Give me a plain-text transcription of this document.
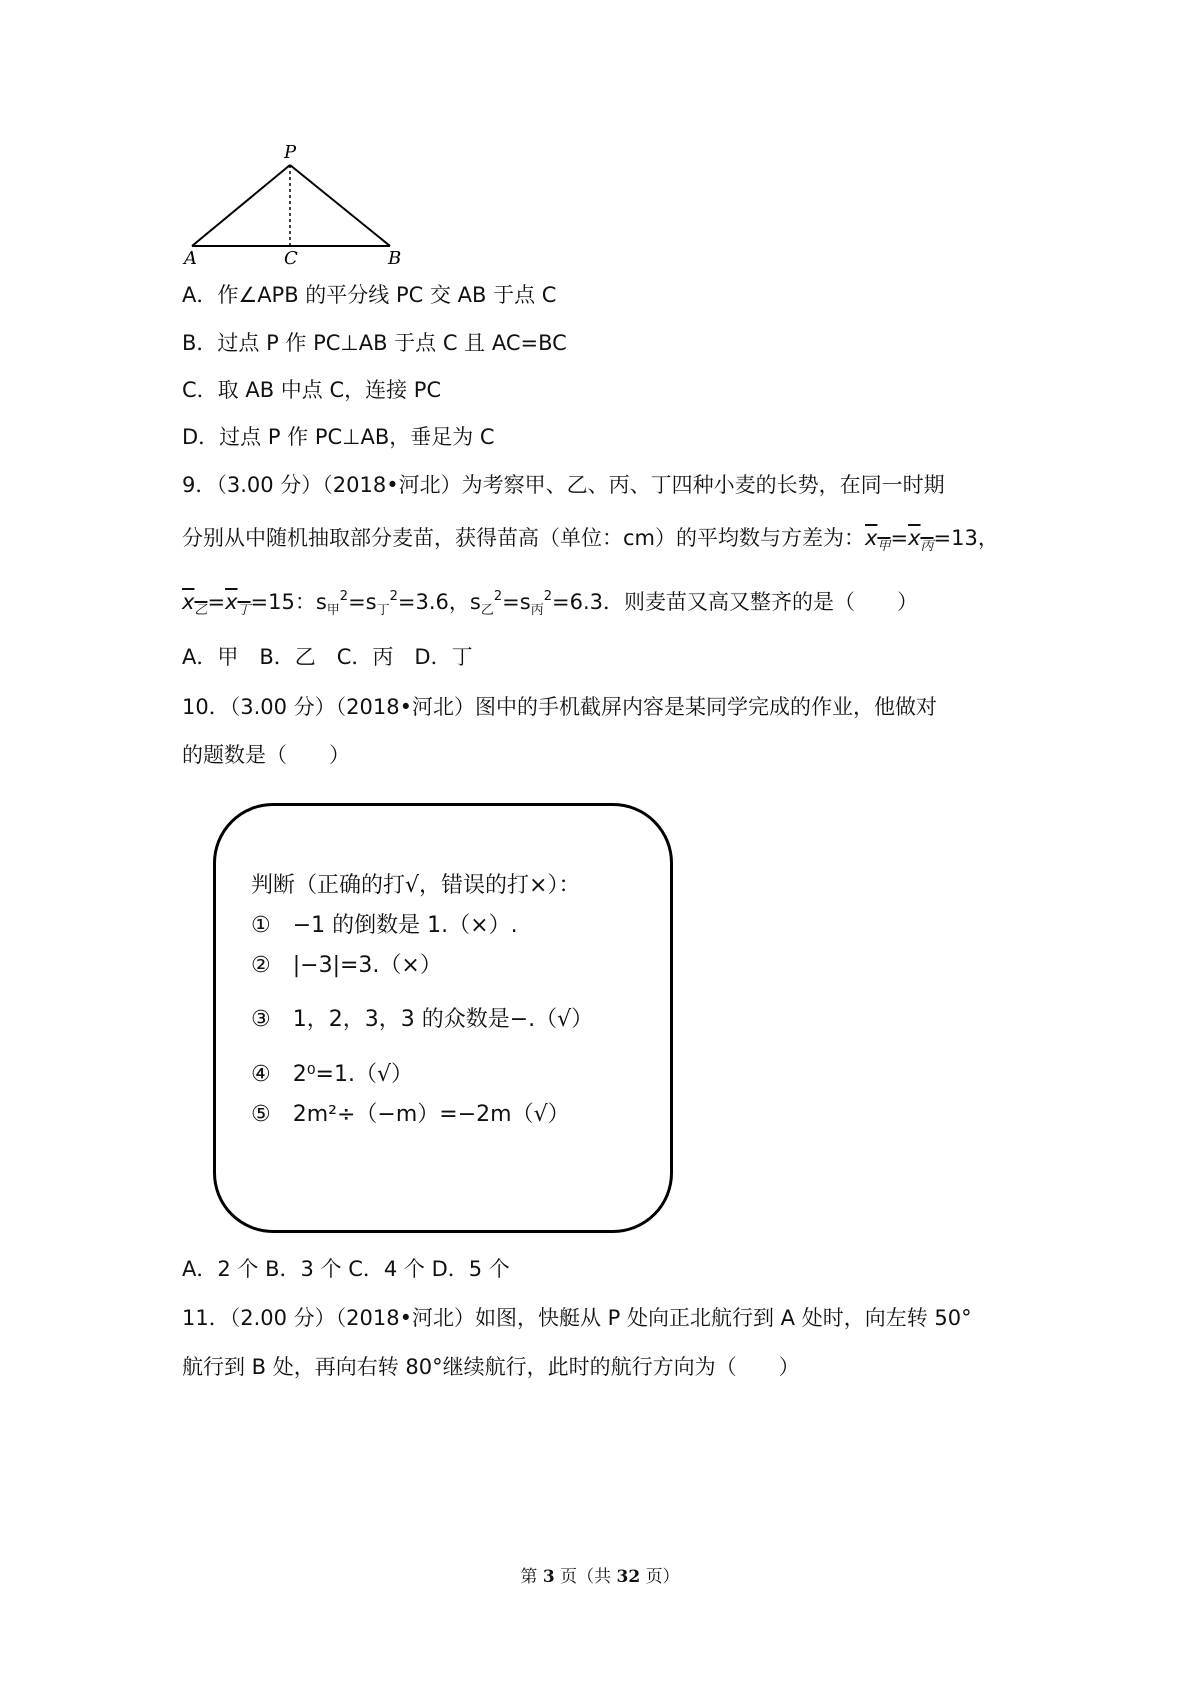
P
A	C	B
A．作∠APB 的平分线 PC 交 AB 于点 C
B．过点 P 作 PC⊥AB 于点 C 且 AC=BC
C．取 AB 中点 C，连接 PC
D．过点 P 作 PC⊥AB，垂足为 C
9．（3.00 分）（2018•河北）为考察甲、乙、丙、丁四种小麦的长势，在同一时期
分别从中随机抽取部分麦苗，获得苗高（单位：cm）的平均数与方差为：$x_甲=x_丙=13$，
$x_乙=x_丁=15$：$s_甲^2=s_丁^2=3.6$，$s_乙^2=s_丙^2=6.3$．则麦苗又高又整齐的是（　　）
A．甲　B．乙　C．丙　D．丁
10．（3.00 分）（2018•河北）图中的手机截屏内容是某同学完成的作业，他做对
的题数是（　　）
判断（正确的打√，错误的打×）：
①　−1 的倒数是 1.（×）.
②　|−3|=3.（×）
③　1，2，3，3 的众数是−.（√）
④　2⁰=1.（√）
⑤　2m²÷（−m）=−2m（√）
A．2 个 B．3 个 C．4 个 D．5 个
11．（2.00 分）（2018•河北）如图，快艇从 P 处向正北航行到 A 处时，向左转 50°
航行到 B 处，再向右转 80°继续航行，此时的航行方向为（　　）
第 3 页（共 32 页）
